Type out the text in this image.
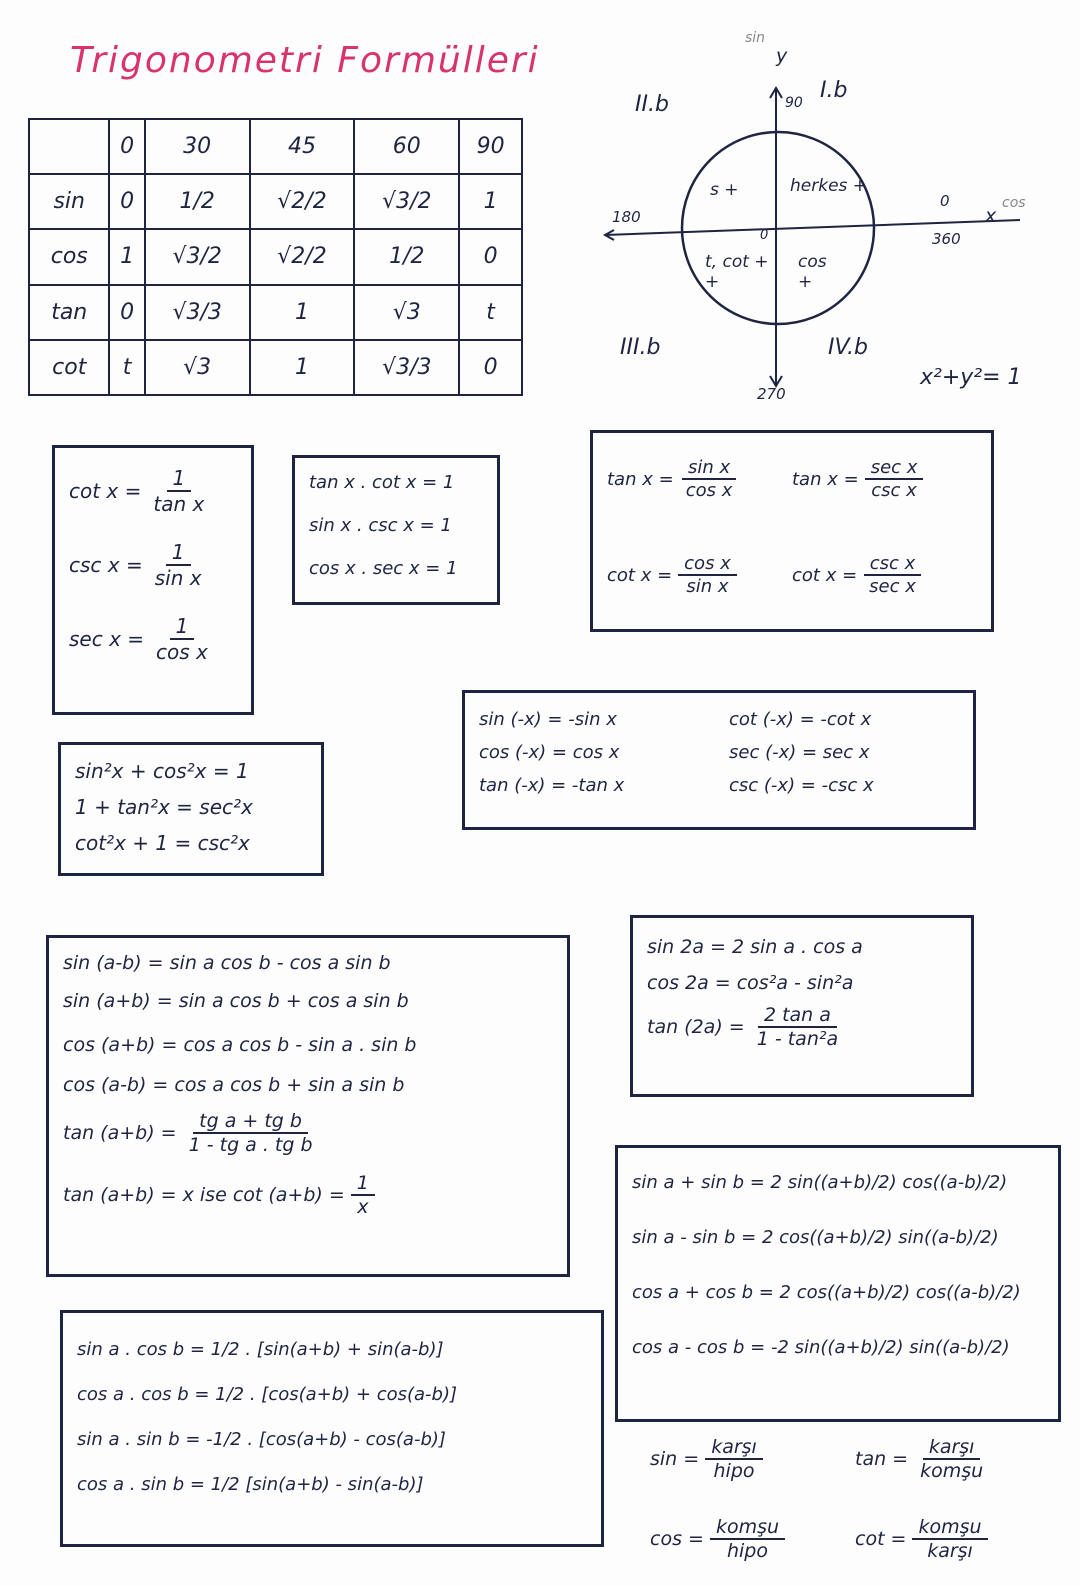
Trigonometri Formülleri
	0	30	45	60	90
sin	0	1/2	√2/2	√3/2	1
cos	1	√3/2	√2/2	1/2	0
tan	0	√3/3	1	√3	t
cot	t	√3	1	√3/3	0
sin
y
90 I.b
II.b
III.b	IV.b
180
0
360
x
cos
0
270
herkes +
s +
t, cot + +
cos +
x²+y²= 1
$\cot x = \frac{1}{\text{tan x}}$
$\csc x = \frac{1}{\text{sin x}}$
$\sec x = \frac{1}{\text{cos x}}$
tan x . cot x = 1
sin x . csc x = 1
cos x . sec x = 1
$\tan x = \frac{\text{sin x}}{\text{cos x}}$	$\tan x = \frac{\text{sec x}}{\text{csc x}}$
$\cot x = \frac{\text{cos x}}{\text{sin x}}$	$\cot x = \frac{\text{csc x}}{\text{sec x}}$
sin²x + cos²x = 1
1 + tan²x = sec²x
cot²x + 1 = csc²x
sin (-x) = -sin x	cot (-x) = -cot x
cos (-x) = cos x	sec (-x) = sec x
tan (-x) = -tan x	csc (-x) = -csc x
sin (a-b) = sin a cos b - cos a sin b
sin (a+b) = sin a cos b + cos a sin b
cos (a+b) = cos a cos b - sin a . sin b
cos (a-b) = cos a cos b + sin a sin b
$\tan (a+b) = \frac{\text{tg a + tg b}}{\text{1 - tg a . tg b}}$
tan (a+b) = x ise $\cot (a+b) = \frac{1}{x}$
sin 2a = 2 sin a . cos a
cos 2a = cos²a - sin²a
$\tan (2a) = \frac{\text{2 tan a}}{\text{1 - tan²a}}$
sin a + sin b = 2 sin((a+b)/2) cos((a-b)/2)
sin a - sin b = 2 cos((a+b)/2) sin((a-b)/2)
cos a + cos b = 2 cos((a+b)/2) cos((a-b)/2)
cos a - cos b = -2 sin((a+b)/2) sin((a-b)/2)
sin a . cos b = 1/2 . [sin(a+b) + sin(a-b)]
cos a . cos b = 1/2 . [cos(a+b) + cos(a-b)]
sin a . sin b = -1/2 . [cos(a+b) - cos(a-b)]
cos a . sin b = 1/2 [sin(a+b) - sin(a-b)]
$\sin = \frac{\text{karşı}}{\text{hipo}}$	$\tan = \frac{\text{karşı}}{\text{komşu}}$
$\cos = \frac{\text{komşu}}{\text{hipo}}$	$\cot = \frac{\text{komşu}}{\text{karşı}}$
